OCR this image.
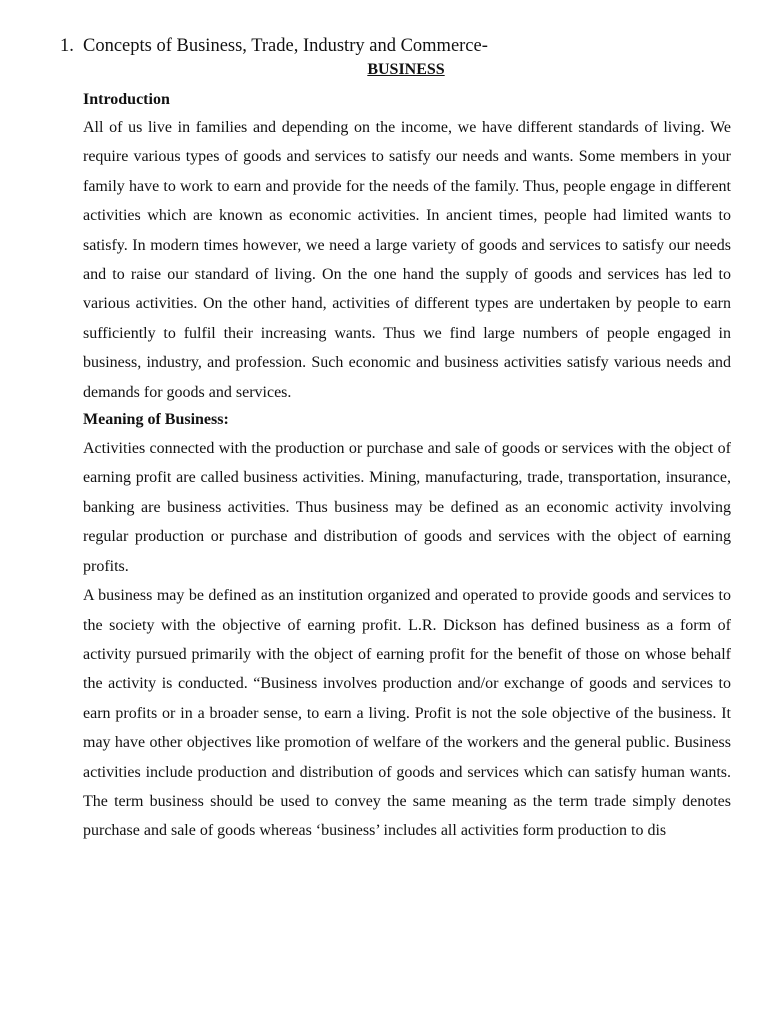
1. Concepts of Business, Trade, Industry and Commerce-
BUSINESS

Introduction

All of us live in families and depending on the income, we have different standards of living. We require various types of goods and services to satisfy our needs and wants. Some members in your family have to work to earn and provide for the needs of the family. Thus, people engage in different activities which are known as economic activities. In ancient times, people had limited wants to satisfy. In modern times however, we need a large variety of goods and services to satisfy our needs and to raise our standard of living. On the one hand the supply of goods and services has led to various activities. On the other hand, activities of different types are undertaken by people to earn sufficiently to fulfil their increasing wants. Thus we find large numbers of people engaged in business, industry, and profession. Such economic and business activities satisfy various needs and demands for goods and services.

Meaning of Business:

Activities connected with the production or purchase and sale of goods or services with the object of earning profit are called business activities. Mining, manufacturing, trade, transportation, insurance, banking are business activities. Thus business may be defined as an economic activity involving regular production or purchase and distribution of goods and services with the object of earning profits.

A business may be defined as an institution organized and operated to provide goods and services to the society with the objective of earning profit. L.R. Dickson has defined business as a form of activity pursued primarily with the object of earning profit for the benefit of those on whose behalf the activity is conducted. “Business involves production and/or exchange of goods and services to earn profits or in a broader sense, to earn a living. Profit is not the sole objective of the business. It may have other objectives like promotion of welfare of the workers and the general public. Business activities include production and distribution of goods and services which can satisfy human wants. The term business should be used to convey the same meaning as the term trade simply denotes purchase and sale of goods whereas ‘business’ includes all activities form production to dis
